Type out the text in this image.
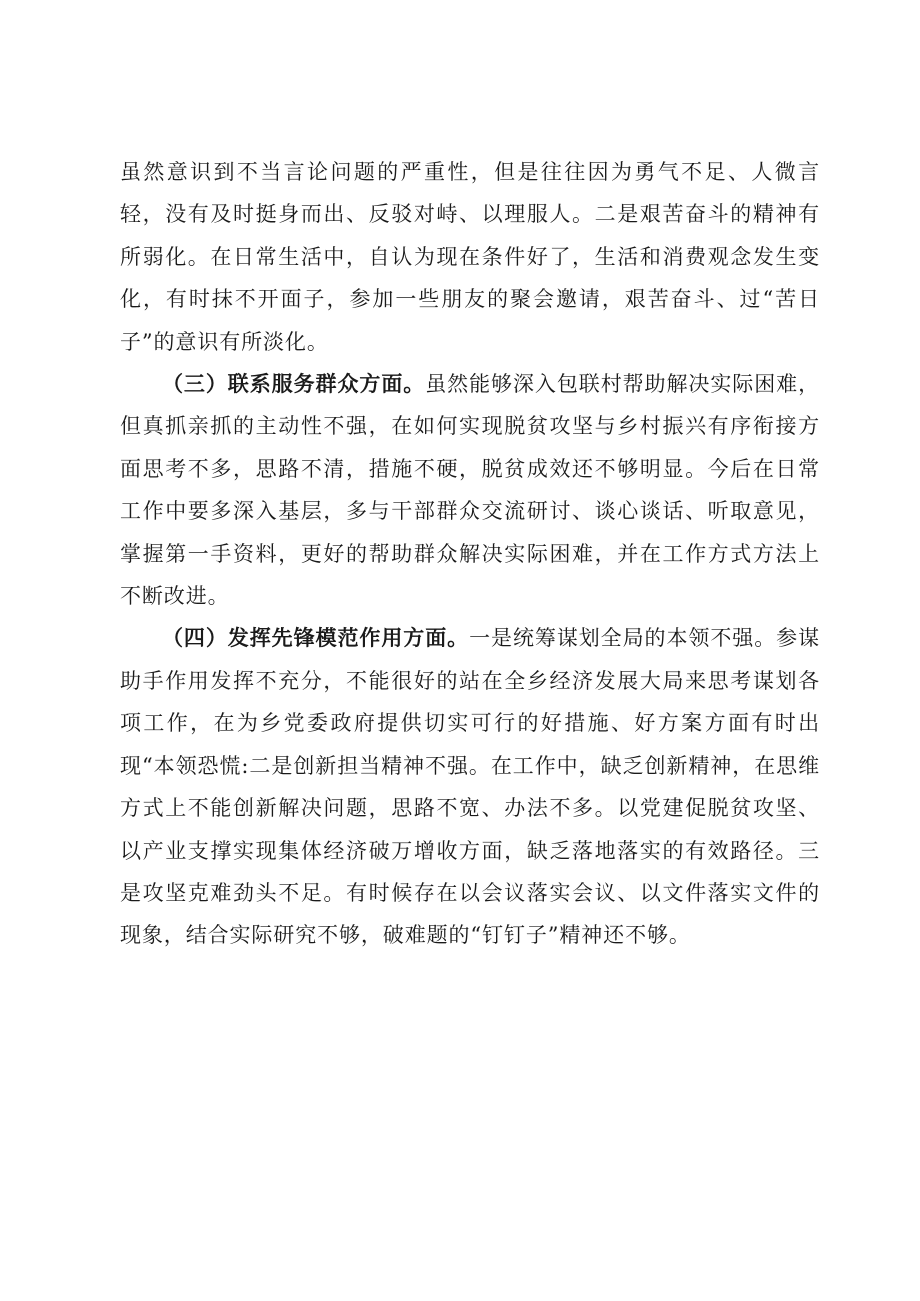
虽然意识到不当言论问题的严重性，但是往往因为勇气不足、人微言轻，没有及时挺身而出、反驳对峙、以理服人。二是艰苦奋斗的精神有所弱化。在日常生活中，自认为现在条件好了，生活和消费观念发生变化，有时抹不开面子，参加一些朋友的聚会邀请，艰苦奋斗、过“苦日子”的意识有所淡化。

（三）联系服务群众方面。虽然能够深入包联村帮助解决实际困难，但真抓亲抓的主动性不强，在如何实现脱贫攻坚与乡村振兴有序衔接方面思考不多，思路不清，措施不硬，脱贫成效还不够明显。今后在日常工作中要多深入基层，多与干部群众交流研讨、谈心谈话、听取意见，掌握第一手资料，更好的帮助群众解决实际困难，并在工作方式方法上不断改进。

（四）发挥先锋模范作用方面。一是统筹谋划全局的本领不强。参谋助手作用发挥不充分，不能很好的站在全乡经济发展大局来思考谋划各项工作，在为乡党委政府提供切实可行的好措施、好方案方面有时出现“本领恐慌:二是创新担当精神不强。在工作中，缺乏创新精神，在思维方式上不能创新解决问题，思路不宽、办法不多。以党建促脱贫攻坚、以产业支撑实现集体经济破万增收方面，缺乏落地落实的有效路径。三是攻坚克难劲头不足。有时候存在以会议落实会议、以文件落实文件的现象，结合实际研究不够，破难题的“钉钉子”精神还不够。
